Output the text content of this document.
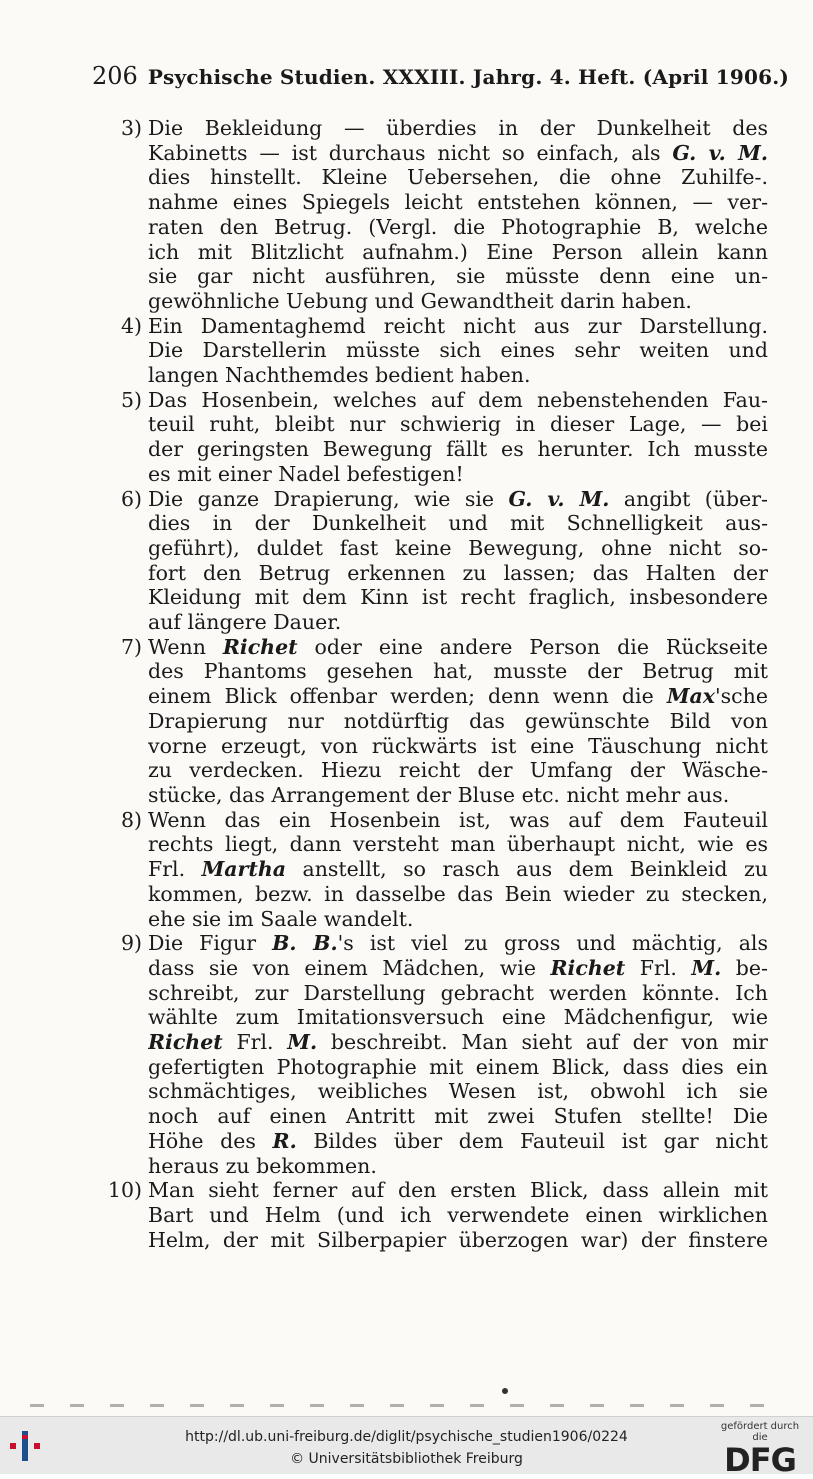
206 Psychische Studien. XXXIII. Jahrg. 4. Heft. (April 1906.)
3) Die Bekleidung — überdies in der Dunkelheit des
Kabinetts — ist durchaus nicht so einfach, als G. v. M.
dies hinstellt. Kleine Uebersehen, die ohne Zuhilfe-.
nahme eines Spiegels leicht entstehen können, — ver-
raten den Betrug. (Vergl. die Photographie B, welche
ich mit Blitzlicht aufnahm.) Eine Person allein kann
sie gar nicht ausführen, sie müsste denn eine un-
gewöhnliche Uebung und Gewandtheit darin haben.
4) Ein Damentaghemd reicht nicht aus zur Darstellung.
Die Darstellerin müsste sich eines sehr weiten und
langen Nachthemdes bedient haben.
5) Das Hosenbein, welches auf dem nebenstehenden Fau-
teuil ruht, bleibt nur schwierig in dieser Lage, — bei
der geringsten Bewegung fällt es herunter. Ich musste
es mit einer Nadel befestigen!
6) Die ganze Drapierung, wie sie G. v. M. angibt (über-
dies in der Dunkelheit und mit Schnelligkeit aus-
geführt), duldet fast keine Bewegung, ohne nicht so-
fort den Betrug erkennen zu lassen; das Halten der
Kleidung mit dem Kinn ist recht fraglich, insbesondere
auf längere Dauer.
7) Wenn Richet oder eine andere Person die Rückseite
des Phantoms gesehen hat, musste der Betrug mit
einem Blick offenbar werden; denn wenn die Max'sche
Drapierung nur notdürftig das gewünschte Bild von
vorne erzeugt, von rückwärts ist eine Täuschung nicht
zu verdecken. Hiezu reicht der Umfang der Wäsche-
stücke, das Arrangement der Bluse etc. nicht mehr aus.
8) Wenn das ein Hosenbein ist, was auf dem Fauteuil
rechts liegt, dann versteht man überhaupt nicht, wie es
Frl. Martha anstellt, so rasch aus dem Beinkleid zu
kommen, bezw. in dasselbe das Bein wieder zu stecken,
ehe sie im Saale wandelt.
9) Die Figur B. B.'s ist viel zu gross und mächtig, als
dass sie von einem Mädchen, wie Richet Frl. M. be-
schreibt, zur Darstellung gebracht werden könnte. Ich
wählte zum Imitationsversuch eine Mädchenfigur, wie
Richet Frl. M. beschreibt. Man sieht auf der von mir
gefertigten Photographie mit einem Blick, dass dies ein
schmächtiges, weibliches Wesen ist, obwohl ich sie
noch auf einen Antritt mit zwei Stufen stellte! Die
Höhe des R. Bildes über dem Fauteuil ist gar nicht
heraus zu bekommen.
10) Man sieht ferner auf den ersten Blick, dass allein mit
Bart und Helm (und ich verwendete einen wirklichen
Helm, der mit Silberpapier überzogen war) der finstere
http://dl.ub.uni-freiburg.de/diglit/psychische_studien1906/0224
© Universitätsbibliothek Freiburg
gefördert durch die
DFG
